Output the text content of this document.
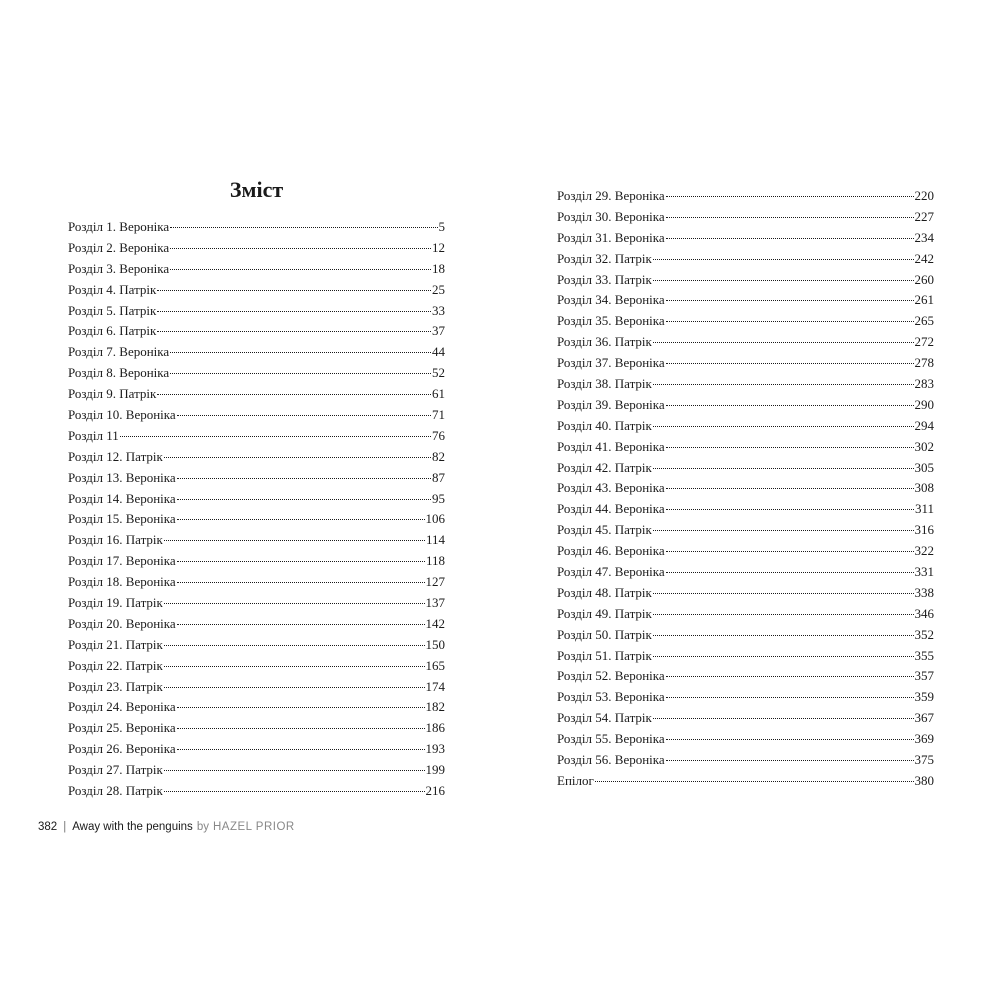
Зміст
Розділ 1. Вероніка	5
Розділ 2. Вероніка	12
Розділ 3. Вероніка	18
Розділ 4. Патрік	25
Розділ 5. Патрік	33
Розділ 6. Патрік	37
Розділ 7. Вероніка	44
Розділ 8. Вероніка	52
Розділ 9. Патрік	61
Розділ 10. Вероніка	71
Розділ 11	76
Розділ 12. Патрік	82
Розділ 13. Вероніка	87
Розділ 14. Вероніка	95
Розділ 15. Вероніка	106
Розділ 16. Патрік	114
Розділ 17. Вероніка	118
Розділ 18. Вероніка	127
Розділ 19. Патрік	137
Розділ 20. Вероніка	142
Розділ 21. Патрік	150
Розділ 22. Патрік	165
Розділ 23. Патрік	174
Розділ 24. Вероніка	182
Розділ 25. Вероніка	186
Розділ 26. Вероніка	193
Розділ 27. Патрік	199
Розділ 28. Патрік	216
Розділ 29. Вероніка	220
Розділ 30. Вероніка	227
Розділ 31. Вероніка	234
Розділ 32. Патрік	242
Розділ 33. Патрік	260
Розділ 34. Вероніка	261
Розділ 35. Вероніка	265
Розділ 36. Патрік	272
Розділ 37. Вероніка	278
Розділ 38. Патрік	283
Розділ 39. Вероніка	290
Розділ 40. Патрік	294
Розділ 41. Вероніка	302
Розділ 42. Патрік	305
Розділ 43. Вероніка	308
Розділ 44. Вероніка	311
Розділ 45. Патрік	316
Розділ 46. Вероніка	322
Розділ 47. Вероніка	331
Розділ 48. Патрік	338
Розділ 49. Патрік	346
Розділ 50. Патрік	352
Розділ 51. Патрік	355
Розділ 52. Вероніка	357
Розділ 53. Вероніка	359
Розділ 54. Патрік	367
Розділ 55. Вероніка	369
Розділ 56. Вероніка	375
Епілог	380
382 | Away with the penguins by HAZEL PRIOR
